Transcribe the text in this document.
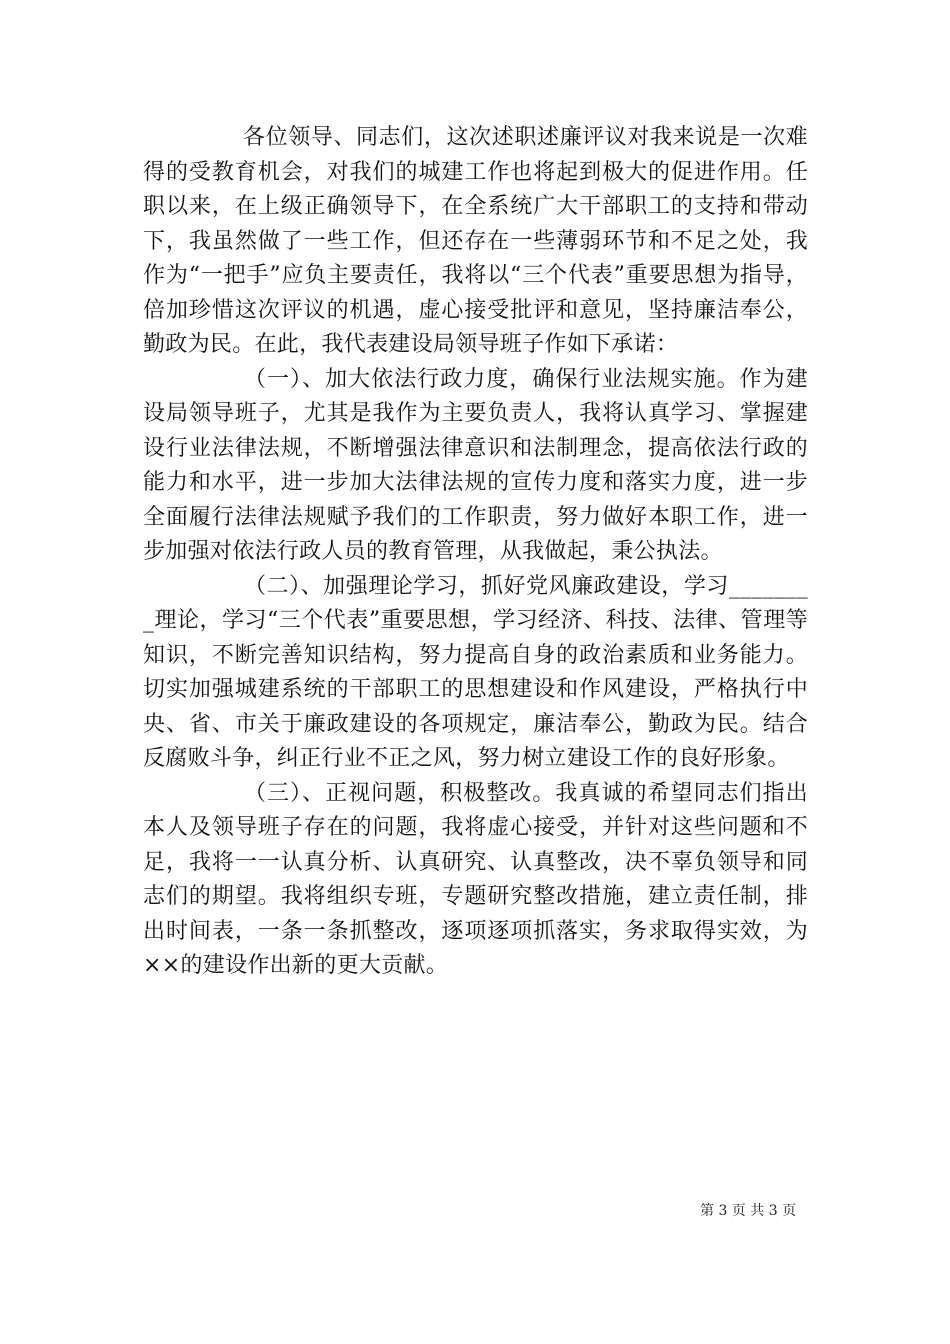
各位领导、同志们，这次述职述廉评议对我来说是一次难得的受教育机会，对我们的城建工作也将起到极大的促进作用。任职以来，在上级正确领导下，在全系统广大干部职工的支持和带动下，我虽然做了一些工作，但还存在一些薄弱环节和不足之处，我作为“一把手”应负主要责任，我将以“三个代表”重要思想为指导，倍加珍惜这次评议的机遇，虚心接受批评和意见，坚持廉洁奉公，勤政为民。在此，我代表建设局领导班子作如下承诺：

（一）、加大依法行政力度，确保行业法规实施。作为建设局领导班子，尤其是我作为主要负责人，我将认真学习、掌握建设行业法律法规，不断增强法律意识和法制理念，提高依法行政的能力和水平，进一步加大法律法规的宣传力度和落实力度，进一步全面履行法律法规赋予我们的工作职责，努力做好本职工作，进一步加强对依法行政人员的教育管理，从我做起，秉公执法。

（二）、加强理论学习，抓好党风廉政建设，学习________理论，学习“三个代表”重要思想，学习经济、科技、法律、管理等知识，不断完善知识结构，努力提高自身的政治素质和业务能力。切实加强城建系统的干部职工的思想建设和作风建设，严格执行中央、省、市关于廉政建设的各项规定，廉洁奉公，勤政为民。结合反腐败斗争，纠正行业不正之风，努力树立建设工作的良好形象。

（三）、正视问题，积极整改。我真诚的希望同志们指出本人及领导班子存在的问题，我将虚心接受，并针对这些问题和不足，我将一一认真分析、认真研究、认真整改，决不辜负领导和同志们的期望。我将组织专班，专题研究整改措施，建立责任制，排出时间表，一条一条抓整改，逐项逐项抓落实，务求取得实效，为××的建设作出新的更大贡献。

第 3 页 共 3 页
